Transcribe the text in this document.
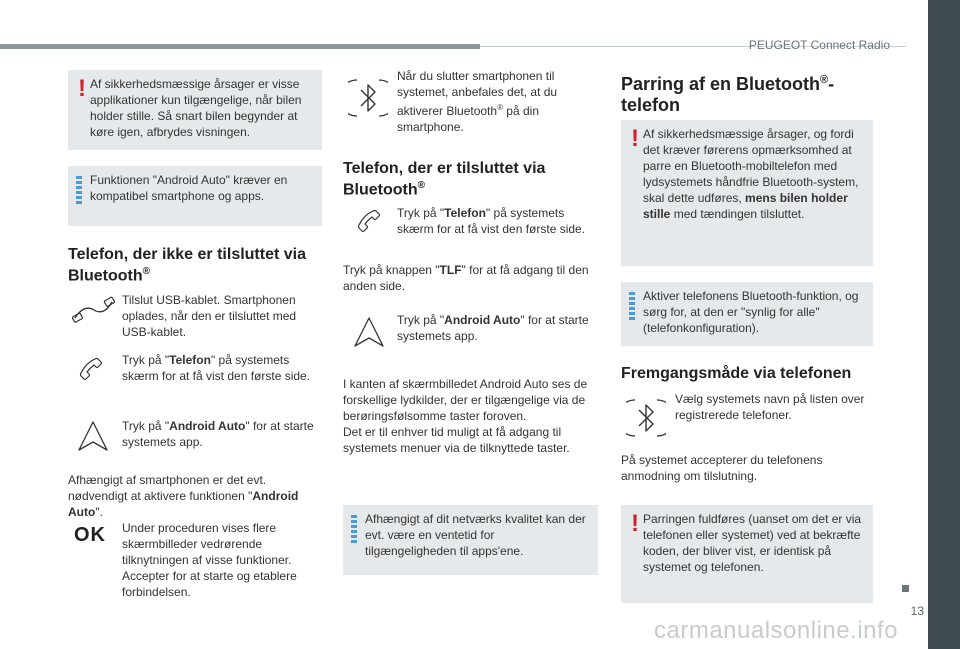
PEUGEOT Connect Radio
13
carmanualsonline.info
! Af sikkerhedsmæssige årsager er visse applikationer kun tilgængelige, når bilen holder stille. Så snart bilen begynder at køre igen, afbrydes visningen.
Funktionen "Android Auto" kræver en kompatibel smartphone og apps.
Telefon, der ikke er tilsluttet via Bluetooth®
Tilslut USB-kablet. Smartphonen oplades, når den er tilsluttet med USB-kablet.
Tryk på "Telefon" på systemets skærm for at få vist den første side.
Tryk på "Android Auto" for at starte systemets app.
Afhængigt af smartphonen er det evt. nødvendigt at aktivere funktionen "Android Auto".
OK Under proceduren vises flere skærmbilleder vedrørende tilknytningen af visse funktioner. Accepter for at starte og etablere forbindelsen.
Når du slutter smartphonen til systemet, anbefales det, at du aktiverer Bluetooth® på din smartphone.
Telefon, der er tilsluttet via Bluetooth®
Tryk på "Telefon" på systemets skærm for at få vist den første side.
Tryk på knappen "TLF" for at få adgang til den anden side.
Tryk på "Android Auto" for at starte systemets app.
I kanten af skærmbilledet Android Auto ses de forskellige lydkilder, der er tilgængelige via de berøringsfølsomme taster foroven.
Det er til enhver tid muligt at få adgang til systemets menuer via de tilknyttede taster.
Afhængigt af dit netværks kvalitet kan der evt. være en ventetid for tilgængeligheden til apps'ene.
Parring af en Bluetooth®-telefon
! Af sikkerhedsmæssige årsager, og fordi det kræver førerens opmærksomhed at parre en Bluetooth-mobiltelefon med lydsystemets håndfrie Bluetooth-system, skal dette udføres, mens bilen holder stille med tændingen tilsluttet.
Aktiver telefonens Bluetooth-funktion, og sørg for, at den er "synlig for alle" (telefonkonfiguration).
Fremgangsmåde via telefonen
Vælg systemets navn på listen over registrerede telefoner.
På systemet accepterer du telefonens anmodning om tilslutning.
! Parringen fuldføres (uanset om det er via telefonen eller systemet) ved at bekræfte koden, der bliver vist, er identisk på systemet og telefonen.
